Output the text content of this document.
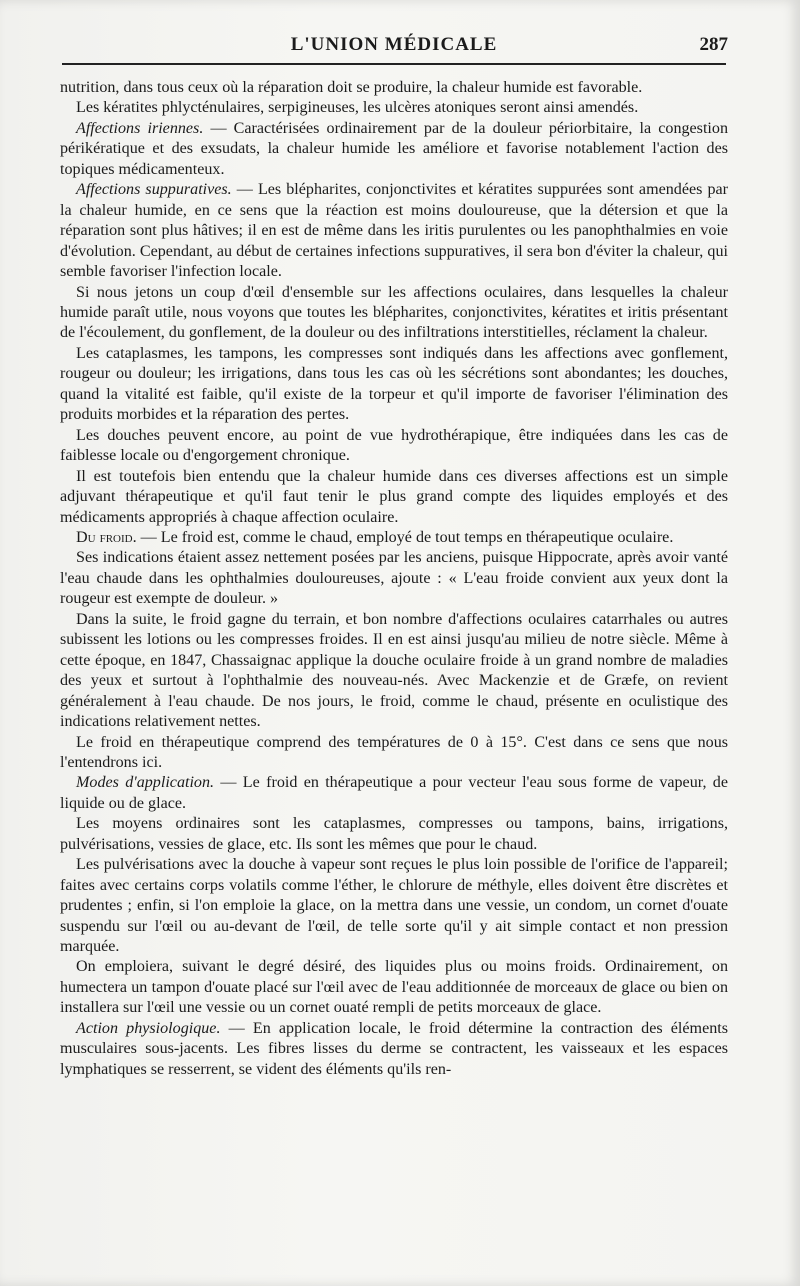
L'UNION MÉDICALE	287

nutrition, dans tous ceux où la réparation doit se produire, la chaleur humide est favorable.

Les kératites phlycténulaires, serpigineuses, les ulcères atoniques seront ainsi amendés.

Affections iriennes. — Caractérisées ordinairement par de la douleur périorbitaire, la congestion périkératique et des exsudats, la chaleur humide les améliore et favorise notablement l'action des topiques médicamenteux.

Affections suppuratives. — Les blépharites, conjonctivites et kératites suppurées sont amendées par la chaleur humide, en ce sens que la réaction est moins douloureuse, que la détersion et que la réparation sont plus hâtives; il en est de même dans les iritis purulentes ou les panophthalmies en voie d'évolution. Cependant, au début de certaines infections suppuratives, il sera bon d'éviter la chaleur, qui semble favoriser l'infection locale.

Si nous jetons un coup d'œil d'ensemble sur les affections oculaires, dans lesquelles la chaleur humide paraît utile, nous voyons que toutes les blépharites, conjonctivites, kératites et iritis présentant de l'écoulement, du gonflement, de la douleur ou des infiltrations interstitielles, réclament la chaleur.

Les cataplasmes, les tampons, les compresses sont indiqués dans les affections avec gonflement, rougeur ou douleur; les irrigations, dans tous les cas où les sécrétions sont abondantes; les douches, quand la vitalité est faible, qu'il existe de la torpeur et qu'il importe de favoriser l'élimination des produits morbides et la réparation des pertes.

Les douches peuvent encore, au point de vue hydrothérapique, être indiquées dans les cas de faiblesse locale ou d'engorgement chronique.

Il est toutefois bien entendu que la chaleur humide dans ces diverses affections est un simple adjuvant thérapeutique et qu'il faut tenir le plus grand compte des liquides employés et des médicaments appropriés à chaque affection oculaire.

Du froid. — Le froid est, comme le chaud, employé de tout temps en thérapeutique oculaire.

Ses indications étaient assez nettement posées par les anciens, puisque Hippocrate, après avoir vanté l'eau chaude dans les ophthalmies douloureuses, ajoute : « L'eau froide convient aux yeux dont la rougeur est exempte de douleur. »

Dans la suite, le froid gagne du terrain, et bon nombre d'affections oculaires catarrhales ou autres subissent les lotions ou les compresses froides. Il en est ainsi jusqu'au milieu de notre siècle. Même à cette époque, en 1847, Chassaignac applique la douche oculaire froide à un grand nombre de maladies des yeux et surtout à l'ophthalmie des nouveau-nés. Avec Mackenzie et de Græfe, on revient généralement à l'eau chaude. De nos jours, le froid, comme le chaud, présente en oculistique des indications relativement nettes.

Le froid en thérapeutique comprend des températures de 0 à 15°. C'est dans ce sens que nous l'entendrons ici.

Modes d'application. — Le froid en thérapeutique a pour vecteur l'eau sous forme de vapeur, de liquide ou de glace.

Les moyens ordinaires sont les cataplasmes, compresses ou tampons, bains, irrigations, pulvérisations, vessies de glace, etc. Ils sont les mêmes que pour le chaud.

Les pulvérisations avec la douche à vapeur sont reçues le plus loin possible de l'orifice de l'appareil; faites avec certains corps volatils comme l'éther, le chlorure de méthyle, elles doivent être discrètes et prudentes ; enfin, si l'on emploie la glace, on la mettra dans une vessie, un condom, un cornet d'ouate suspendu sur l'œil ou au-devant de l'œil, de telle sorte qu'il y ait simple contact et non pression marquée.

On emploiera, suivant le degré désiré, des liquides plus ou moins froids. Ordinairement, on humectera un tampon d'ouate placé sur l'œil avec de l'eau additionnée de morceaux de glace ou bien on installera sur l'œil une vessie ou un cornet ouaté rempli de petits morceaux de glace.

Action physiologique. — En application locale, le froid détermine la contraction des éléments musculaires sous-jacents. Les fibres lisses du derme se contractent, les vaisseaux et les espaces lymphatiques se resserrent, se vident des éléments qu'ils ren-
